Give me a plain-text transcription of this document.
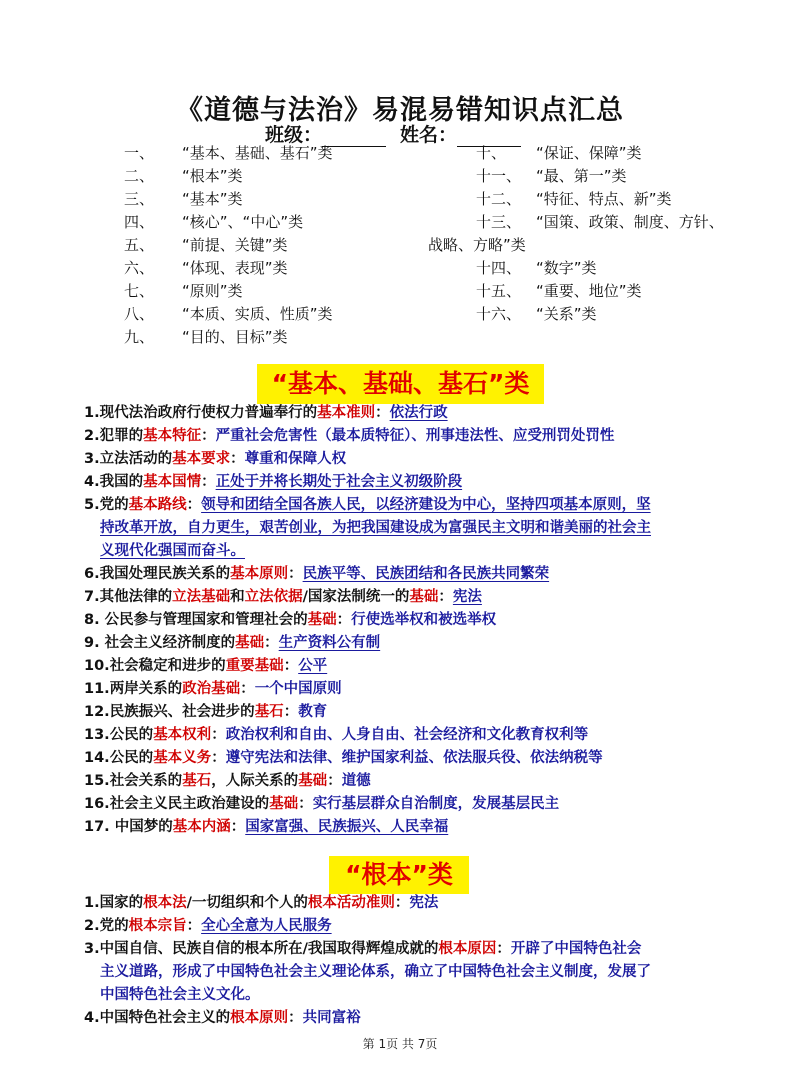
《道德与法治》易混易错知识点汇总
班级：	姓名：
一、 “基本、基础、基石”类
二、 “根本”类
三、 “基本”类
四、 “核心”、“中心”类
五、 “前提、关键”类
六、 “体现、表现”类
七、 “原则”类
八、 “本质、实质、性质”类
九、 “目的、目标”类
十、 “保证、保障”类
十一、 “最、第一”类
十二、 “特征、特点、新”类
十三、 “国策、政策、制度、方针、
战略、方略”类
十四、 “数字”类
十五、 “重要、地位”类
十六、 “关系”类
“基本、基础、基石”类
1.现代法治政府行使权力普遍奉行的基本准则：依法行政
2.犯罪的基本特征：严重社会危害性（最本质特征）、刑事违法性、应受刑罚处罚性
3.立法活动的基本要求：尊重和保障人权
4.我国的基本国情：正处于并将长期处于社会主义初级阶段
5.党的基本路线：领导和团结全国各族人民，以经济建设为中心，坚持四项基本原则，坚
持改革开放，自力更生，艰苦创业，为把我国建设成为富强民主文明和谐美丽的社会主
义现代化强国而奋斗。
6.我国处理民族关系的基本原则：民族平等、民族团结和各民族共同繁荣
7.其他法律的立法基础和立法依据/国家法制统一的基础：宪法
8. 公民参与管理国家和管理社会的基础：行使选举权和被选举权
9. 社会主义经济制度的基础：生产资料公有制
10.社会稳定和进步的重要基础：公平
11.两岸关系的政治基础：一个中国原则
12.民族振兴、社会进步的基石：教育
13.公民的基本权利：政治权利和自由、人身自由、社会经济和文化教育权利等
14.公民的基本义务：遵守宪法和法律、维护国家利益、依法服兵役、依法纳税等
15.社会关系的基石，人际关系的基础：道德
16.社会主义民主政治建设的基础：实行基层群众自治制度，发展基层民主
17. 中国梦的基本内涵：国家富强、民族振兴、人民幸福
“根本”类
1.国家的根本法/一切组织和个人的根本活动准则：宪法
2.党的根本宗旨：全心全意为人民服务
3.中国自信、民族自信的根本所在/我国取得辉煌成就的根本原因：开辟了中国特色社会
主义道路，形成了中国特色社会主义理论体系，确立了中国特色社会主义制度，发展了
中国特色社会主义文化。
4.中国特色社会主义的根本原则：共同富裕
第 1页 共 7页
